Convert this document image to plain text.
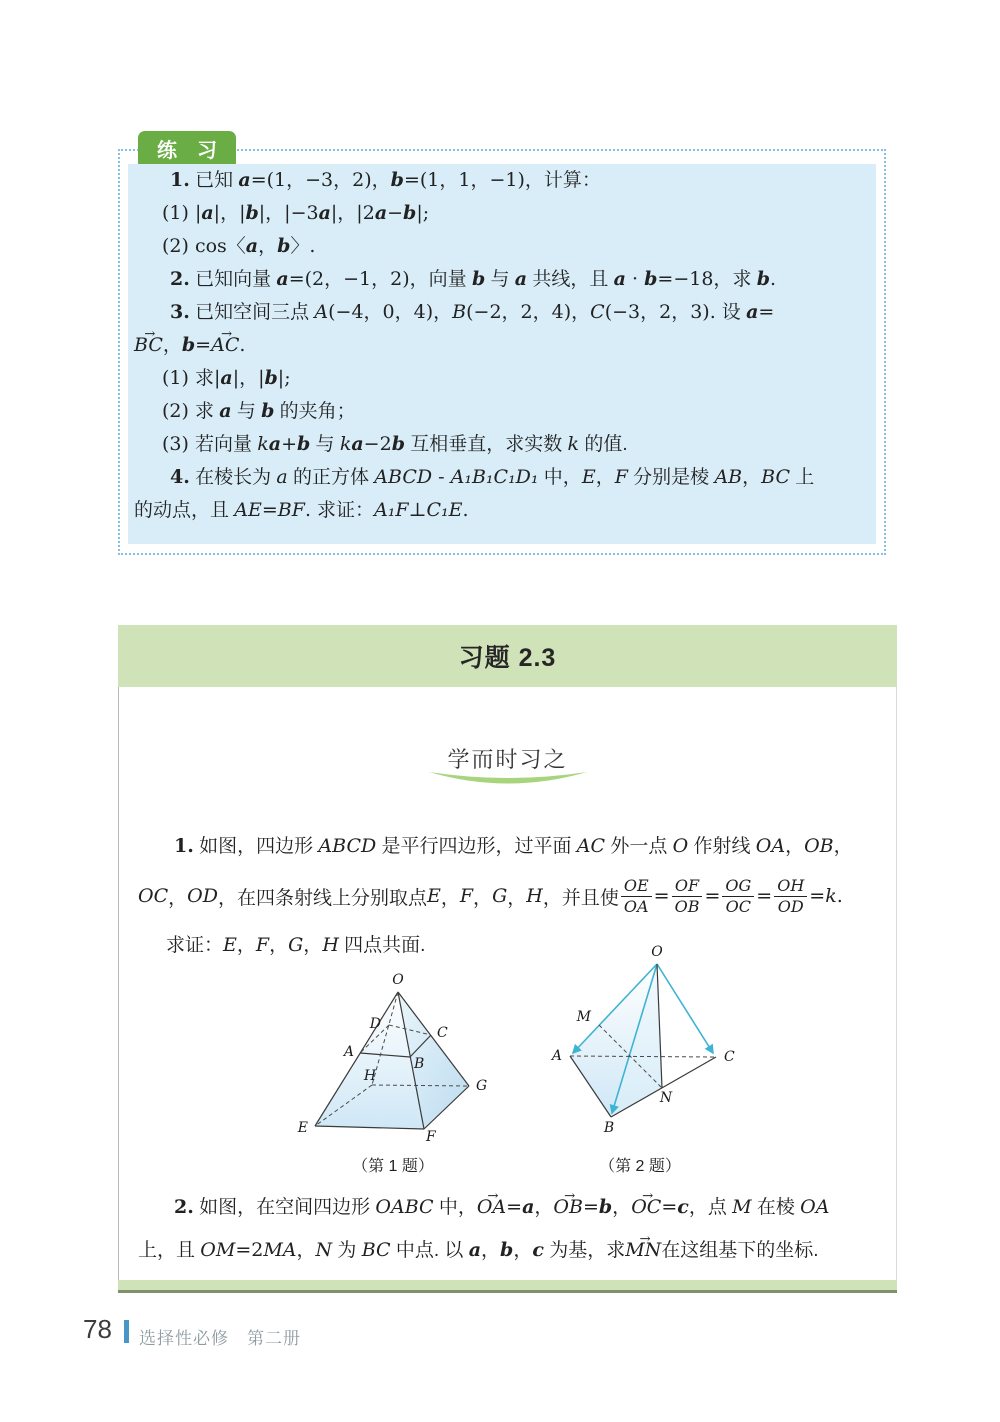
练　习
1. 已知 a=(1，−3，2)，b=(1，1，−1)，计算：
(1) |a|，|b|，|−3a|，|2a−b|;
(2) cos〈a，b〉.
2. 已知向量 a=(2，−1，2)，向量 b 与 a 共线，且 a · b=−18，求 b.
3. 已知空间三点 A(−4，0，4)，B(−2，2，4)，C(−3，2，3). 设 a=
BC →，b=AC →.
(1) 求|a|，|b|;
(2) 求 a 与 b 的夹角；
(3) 若向量 ka+b 与 ka−2b 互相垂直，求实数 k 的值.
4. 在棱长为 a 的正方体 ABCD - A₁B₁C₁D₁ 中，E，F 分别是棱 AB，BC 上
的动点，且 AE=BF. 求证：A₁F⊥C₁E.
习题 2.3
学而时习之
1. 如图，四边形 ABCD 是平行四边形，过平面 AC 外一点 O 作射线 OA，OB，
OC ， OD ，在四条射线上分别取点 E ， F ， G ， H ，并且使 $\frac{OE}{OA} = \frac{OF}{OB} = \frac{OG}{OC} = \frac{OH}{OD} = k$ .
求证：E，F，G，H 四点共面.
O
D
C
A
B
H
G
E
F
O
M
A	C
N
B
（第 1 题）	（第 2 题）
2. 如图，在空间四边形 OABC 中，OA →=a，OB →=b，OC →=c，点 M 在棱 OA
上，且 OM=2MA，N 为 BC 中点. 以 a，b，c 为基，求MN →在这组基下的坐标.
78 选择性必修　第二册
